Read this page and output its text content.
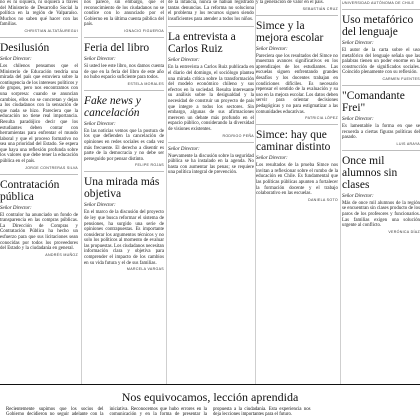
no es ni siquiera, ni siquiera a través del Ministerio de Desarrollo Social la política en la región de Valparaíso. Muchos no saben qué hacer con las familias.

CHRISTIAN ALTATÁUREGUI
Desilusión
Señor Director:

Los chilenos pensamos que el Ministerio de Educación tendría una mirada del país que estuviera sobre la contingencia de los intereses políticos y de grupos, pero nos encontramos con una sorpresa: cuando se anuncian cambios, ellos no se concretan y dejan a los ciudadanos con la sensación de que nada se hizo. Pareciera que la educación no tiene real importancia. Resulta paradójico decir que los estudiantes deben contar con herramientas para enfrentar el mundo laboral y que el proceso formativo no sea una prioridad del Estado. Se espera que haya una reflexión profunda sobre los valores que debe tener la educación pública en el país.

JORGE CONTRERAS SILVA
Contratación pública
Señor Director:

El contralor ha anunciado un fondo de transparencia en las compras públicas. La Dirección de Compras y Contratación Pública ha hecho un esfuerzo para que sus licitaciones sean conocidas por todos los proveedores del Estado y la ciudadanía en general.

ANDRÉS MUÑOZ

nos parece, sin embargo, que el reconocimiento de los ciudadanos no se condice con lo anunciado por el Gobierno en la última cuenta pública del país.

IGNACIO FIGUEROA
Feria del libro
Señor Director:

Si usted lee este libro, nos damos cuenta de que en la feria del libro de este año no hubo espacio suficiente para todos.

ESTELA MORALES
Fake news y cancelación
Señor Director:

En las noticias vemos que la postura de los que defienden la cancelación de opiniones en redes sociales es cada vez más frecuente. El derecho a disentir es parte de la democracia y no debe ser perseguido por pensar distinto.

FELIPE ROJAS
Una mirada más objetiva
Señor Director:

En el marco de la discusión del proyecto de ley que busca reformar el sistema de pensiones, ha surgido una serie de opiniones contrapuestas. Es importante considerar los argumentos técnicos y no solo los políticos al momento de evaluar las propuestas. Los ciudadanos necesitan información clara y objetiva para comprender el impacto de los cambios en su vida futura y el de sus familias.

MARCELA VARGAS

de la infancia, nunca se habían registrado tantas denuncias. La reforma no soluciona el problema y los recursos siguen siendo insuficientes para atender a todos los niños.

La entrevista a Carlos Ruiz
Señor Director:

En la entrevista a Carlos Ruiz publicada en el diario del domingo, el sociólogo plantea una mirada crítica sobre la transformación del modelo económico chileno y sus efectos en la sociedad. Resulta interesante su análisis sobre la desigualdad y la necesidad de construir un proyecto de país que integre a todos los sectores. Sin embargo, algunas de sus afirmaciones merecen un debate más profundo en el espacio público, considerando la diversidad de visiones existentes.

RODRIGO PEÑA
Señor Director:

Nuevamente la discusión sobre la seguridad pública se ha instalado en la agenda. No basta con aumentar las penas; se requiere una política integral de prevención.

y la generación de valor en el país.

SEBASTIÁN CRUZ
Simce y la mejora escolar
Señor Director:

Pareciera que los resultados del Simce no muestran avances significativos en los aprendizajes de los estudiantes. Las escuelas siguen enfrentando grandes desafíos y los docentes trabajan en condiciones difíciles. Es necesario repensar el sentido de la evaluación y su uso en la mejora escolar. Los datos deben servir para orientar decisiones pedagógicas y no para estigmatizar a las comunidades educativas.

PATRICIA LÓPEZ
Simce: hay que caminar distinto
Señor Director:

Los resultados de la prueba Simce nos invitan a reflexionar sobre el rumbo de la educación en Chile. Es fundamental que las políticas públicas apunten a fortalecer la formación docente y el trabajo colaborativo en las escuelas.

DANIELA SOTO
UNIVERSIDAD AUTÓNOMA DE CHILE
Uso metafórico del lenguaje
Señor Director:

El autor de la carta sobre el uso metafórico del lenguaje señala que las palabras tienen un poder enorme en la construcción de significados sociales. Coincido plenamente con su reflexión.

CARMEN FUENTES
"Comandante Frei"
Señor Director:

Es lamentable la forma en que se recuerda a ciertas figuras políticas del pasado.

LUIS ARAYA
Once mil alumnos sin clases
Señor Director:

Más de once mil alumnos de la región se encuentran sin clases producto de los paros de los profesores y funcionarios. Las familias exigen una solución urgente al conflicto.

VERÓNICA DÍAZ
Nos equivocamos, lección aprendida
Recientemente supimos que los socios del Gobierno decidieron no seguir adelante con la iniciativa. Reconocemos que hubo errores en la comunicación y en la forma de presentar la propuesta a la ciudadanía. Esta experiencia nos deja lecciones importantes para el futuro.
